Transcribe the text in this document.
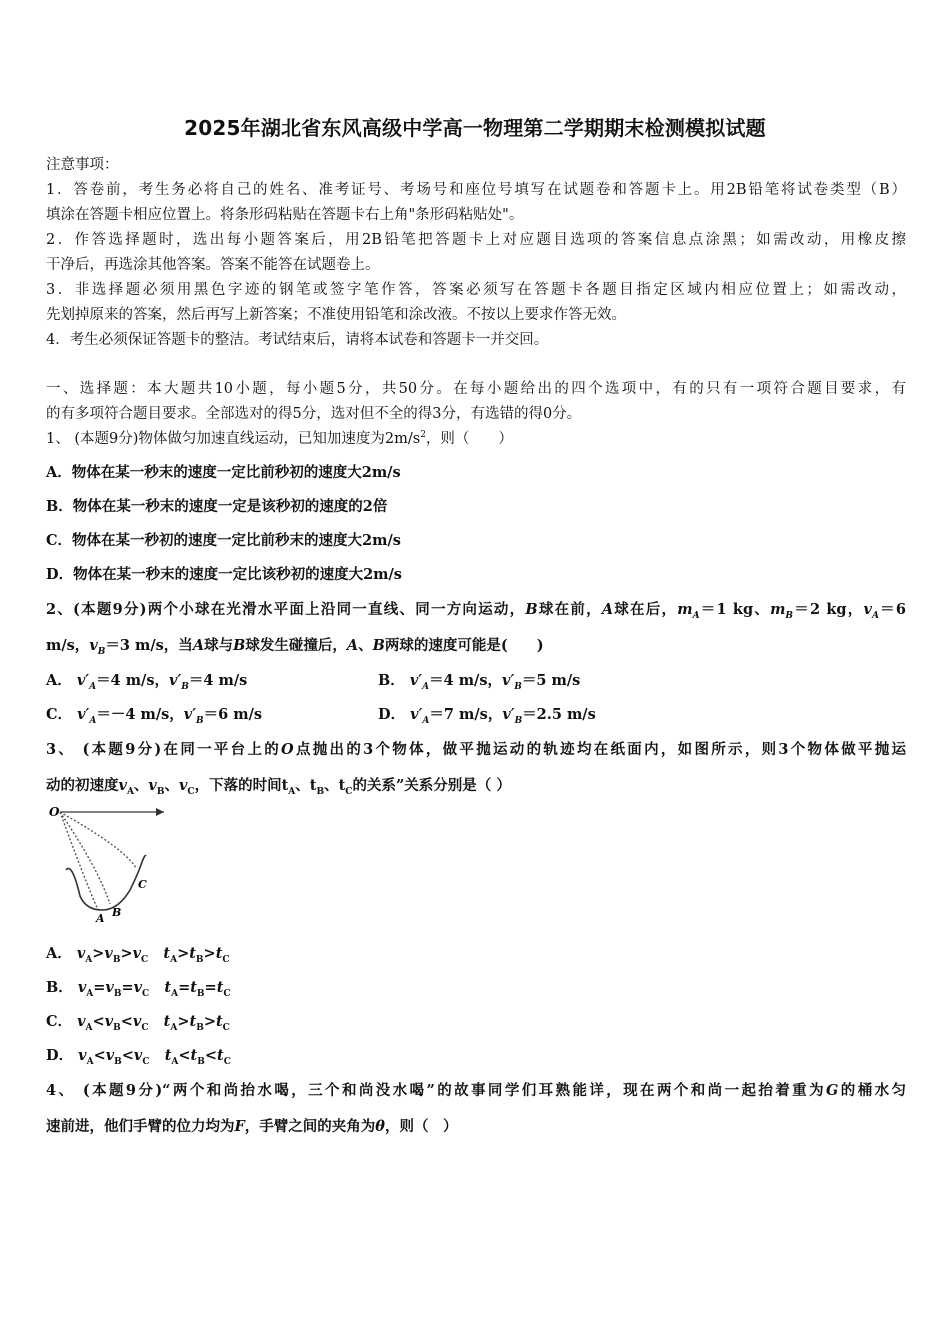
2025年湖北省东风高级中学高一物理第二学期期末检测模拟试题
注意事项：
1．答卷前，考生务必将自己的姓名、准考证号、考场号和座位号填写在试题卷和答题卡上。用2B铅笔将试卷类型（B）
填涂在答题卡相应位置上。将条形码粘贴在答题卡右上角"条形码粘贴处"。
2．作答选择题时，选出每小题答案后，用2B铅笔把答题卡上对应题目选项的答案信息点涂黑；如需改动，用橡皮擦
干净后，再选涂其他答案。答案不能答在试题卷上。
3．非选择题必须用黑色字迹的钢笔或签字笔作答，答案必须写在答题卡各题目指定区域内相应位置上；如需改动，
先划掉原来的答案，然后再写上新答案；不准使用铅笔和涂改液。不按以上要求作答无效。
4．考生必须保证答题卡的整洁。考试结束后，请将本试卷和答题卡一并交回。
一、选择题：本大题共10小题，每小题5分，共50分。在每小题给出的四个选项中，有的只有一项符合题目要求，有
的有多项符合题目要求。全部选对的得5分，选对但不全的得3分，有选错的得0分。
1、 (本题9分)物体做匀加速直线运动，已知加速度为$2m/s^2$，则（　　）
A．物体在某一秒末的速度一定比前秒初的速度大2m/s
B．物体在某一秒末的速度一定是该秒初的速度的2倍
C．物体在某一秒初的速度一定比前秒末的速度大2m/s
D．物体在某一秒末的速度一定比该秒初的速度大2m/s
2、(本题9分)两个小球在光滑水平面上沿同一直线、同一方向运动，B球在前，A球在后，$m_A=1$ kg、$m_B=2$ kg，$v_A=6$
m/s，$v_B=3$ m/s，当A球与B球发生碰撞后，A、B两球的速度可能是(　　)
A． $v'_A=4$ m/s，$v'_B=4$ m/s	B． $v'_A=4$ m/s，$v'_B=5$ m/s
C． $v'_A=-4$ m/s，$v'_B=6$ m/s	D． $v'_A=7$ m/s，$v'_B=2.5$ m/s
3、 (本题9分)在同一平台上的O点抛出的3个物体，做平抛运动的轨迹均在纸面内，如图所示，则3个物体做平抛运
动的初速度$v_A$、$v_B$、$v_C$，下落的时间$t_A$、$t_B$、$t_C$的关系”关系分别是（ ）
O
A B
C
A． $v_A>v_B>v_C$ $t_A>t_B>t_C$
B． $v_A=v_B=v_C$ $t_A=t_B=t_C$
C． $v_A<v_B<v_C$ $t_A>t_B>t_C$
D． $v_A<v_B<v_C$ $t_A<t_B<t_C$
4、 (本题9分)“两个和尚抬水喝，三个和尚没水喝”的故事同学们耳熟能详，现在两个和尚一起抬着重为G的桶水匀
速前进，他们手臂的位力均为F，手臂之间的夹角为θ，则（　）
